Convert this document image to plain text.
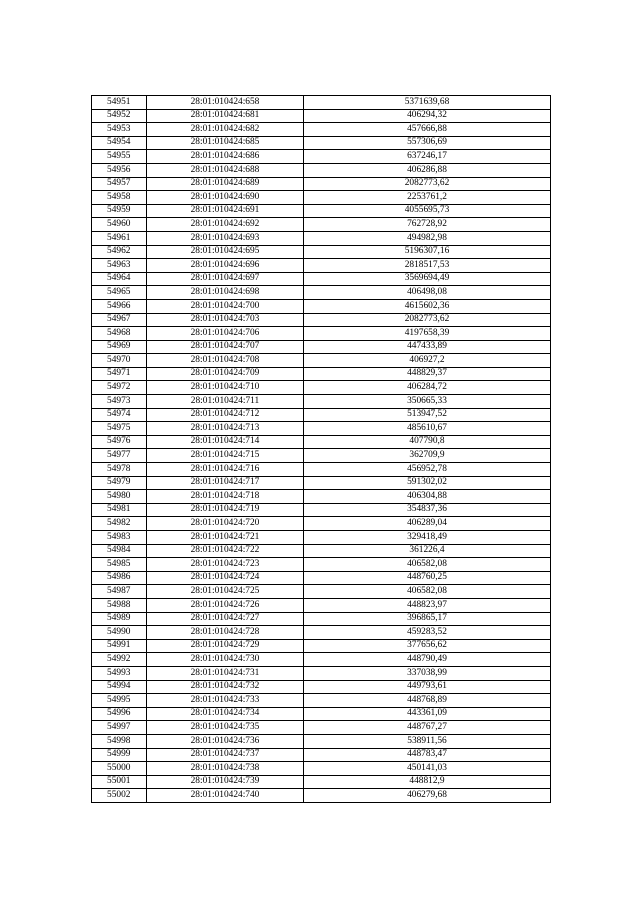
54951	28:01:010424:658	5371639,68
54952	28:01:010424:681	406294,32
54953	28:01:010424:682	457666,88
54954	28:01:010424:685	557306,69
54955	28:01:010424:686	637246,17
54956	28:01:010424:688	406286,88
54957	28:01:010424:689	2082773,62
54958	28:01:010424:690	2253761,2
54959	28:01:010424:691	4055695,73
54960	28:01:010424:692	762728,92
54961	28:01:010424:693	494982,98
54962	28:01:010424:695	5196307,16
54963	28:01:010424:696	2818517,53
54964	28:01:010424:697	3569694,49
54965	28:01:010424:698	406498,08
54966	28:01:010424:700	4615602,36
54967	28:01:010424:703	2082773,62
54968	28:01:010424:706	4197658,39
54969	28:01:010424:707	447433,89
54970	28:01:010424:708	406927,2
54971	28:01:010424:709	448829,37
54972	28:01:010424:710	406284,72
54973	28:01:010424:711	350665,33
54974	28:01:010424:712	513947,52
54975	28:01:010424:713	485610,67
54976	28:01:010424:714	407790,8
54977	28:01:010424:715	362709,9
54978	28:01:010424:716	456952,78
54979	28:01:010424:717	591302,02
54980	28:01:010424:718	406304,88
54981	28:01:010424:719	354837,36
54982	28:01:010424:720	406289,04
54983	28:01:010424:721	329418,49
54984	28:01:010424:722	361226,4
54985	28:01:010424:723	406582,08
54986	28:01:010424:724	448760,25
54987	28:01:010424:725	406582,08
54988	28:01:010424:726	448823,97
54989	28:01:010424:727	396865,17
54990	28:01:010424:728	459283,52
54991	28:01:010424:729	377656,62
54992	28:01:010424:730	448790,49
54993	28:01:010424:731	337038,99
54994	28:01:010424:732	449793,61
54995	28:01:010424:733	448768,89
54996	28:01:010424:734	443361,09
54997	28:01:010424:735	448767,27
54998	28:01:010424:736	538911,56
54999	28:01:010424:737	448783,47
55000	28:01:010424:738	450141,03
55001	28:01:010424:739	448812,9
55002	28:01:010424:740	406279,68
